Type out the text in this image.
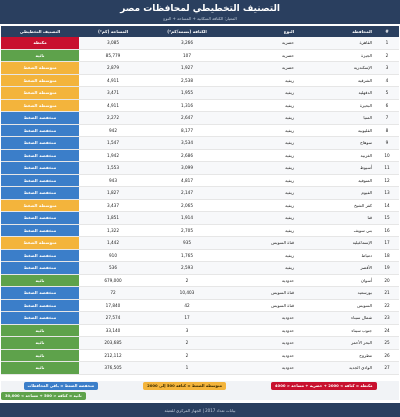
التصنيف التخطيطي لمحافظات مصر
المعيار: الكثافة السكانية + المساحة + النوع
#	المحافظة	النوع	الكثافة (نسمة/كم²)	المساحة (كم²)	التصنيف التخطيطي
1	القاهرة	حضرية	3,266	3,085	مكتظة
2	الجيزة	حضرية	107	85,779	نائية
3	الإسكندرية	حضرية	1,927	2,879	متوسطة الضغط
4	الشرقية	ريفية	2,538	4,911	متوسطة الضغط
5	الدقهلية	ريفية	1,955	3,471	متوسطة الضغط
6	البحيرة	ريفية	1,316	4,911	متوسطة الضغط
7	المنيا	ريفية	2,647	2,272	منخفضة الضغط
8	القليوبية	ريفية	8,177	942	منخفضة الضغط
9	سوهاج	ريفية	3,534	1,547	منخفضة الضغط
10	الغربية	ريفية	2,686	1,942	منخفضة الضغط
11	أسيوط	ريفية	3,099	1,553	منخفضة الضغط
12	المنوفية	ريفية	4,817	943	منخفضة الضغط
13	الفيوم	ريفية	2,147	1,827	منخفضة الضغط
14	كفر الشيخ	ريفية	2,065	3,437	متوسطة الضغط
15	قنا	ريفية	1,914	1,851	منخفضة الضغط
16	بني سويف	ريفية	2,705	1,322	منخفضة الضغط
17	الإسماعيلية	قناة السويس	935	1,442	متوسطة الضغط
18	دمياط	ريفية	1,765	910	منخفضة الضغط
19	الأقصر	ريفية	2,593	536	منخفضة الضغط
20	أسوان	حدودية	2	679,000	نائية
21	بورسعيد	قناة السويس	10,403	72	منخفضة الضغط
22	السويس	قناة السويس	42	17,840	منخفضة الضغط
23	شمال سيناء	حدودية	17	27,574	منخفضة الضغط
24	جنوب سيناء	حدودية	3	33,140	نائية
25	البحر الأحمر	حدودية	2	203,685	نائية
26	مطروح	حدودية	2	212,112	نائية
27	الوادي الجديد	حدودية	1	376,505	نائية
مكتظة = كثافة > 2000 + حضرية + مساحة < 4000
متوسطة الضغط = كثافة 500 إلى 2000
منخفضة الضغط = باقي المحافظات
نائية = كثافة < 500 + مساحة > 30,000
بيانات تعداد 2017 | الجهاز المركزي للتعبئة
